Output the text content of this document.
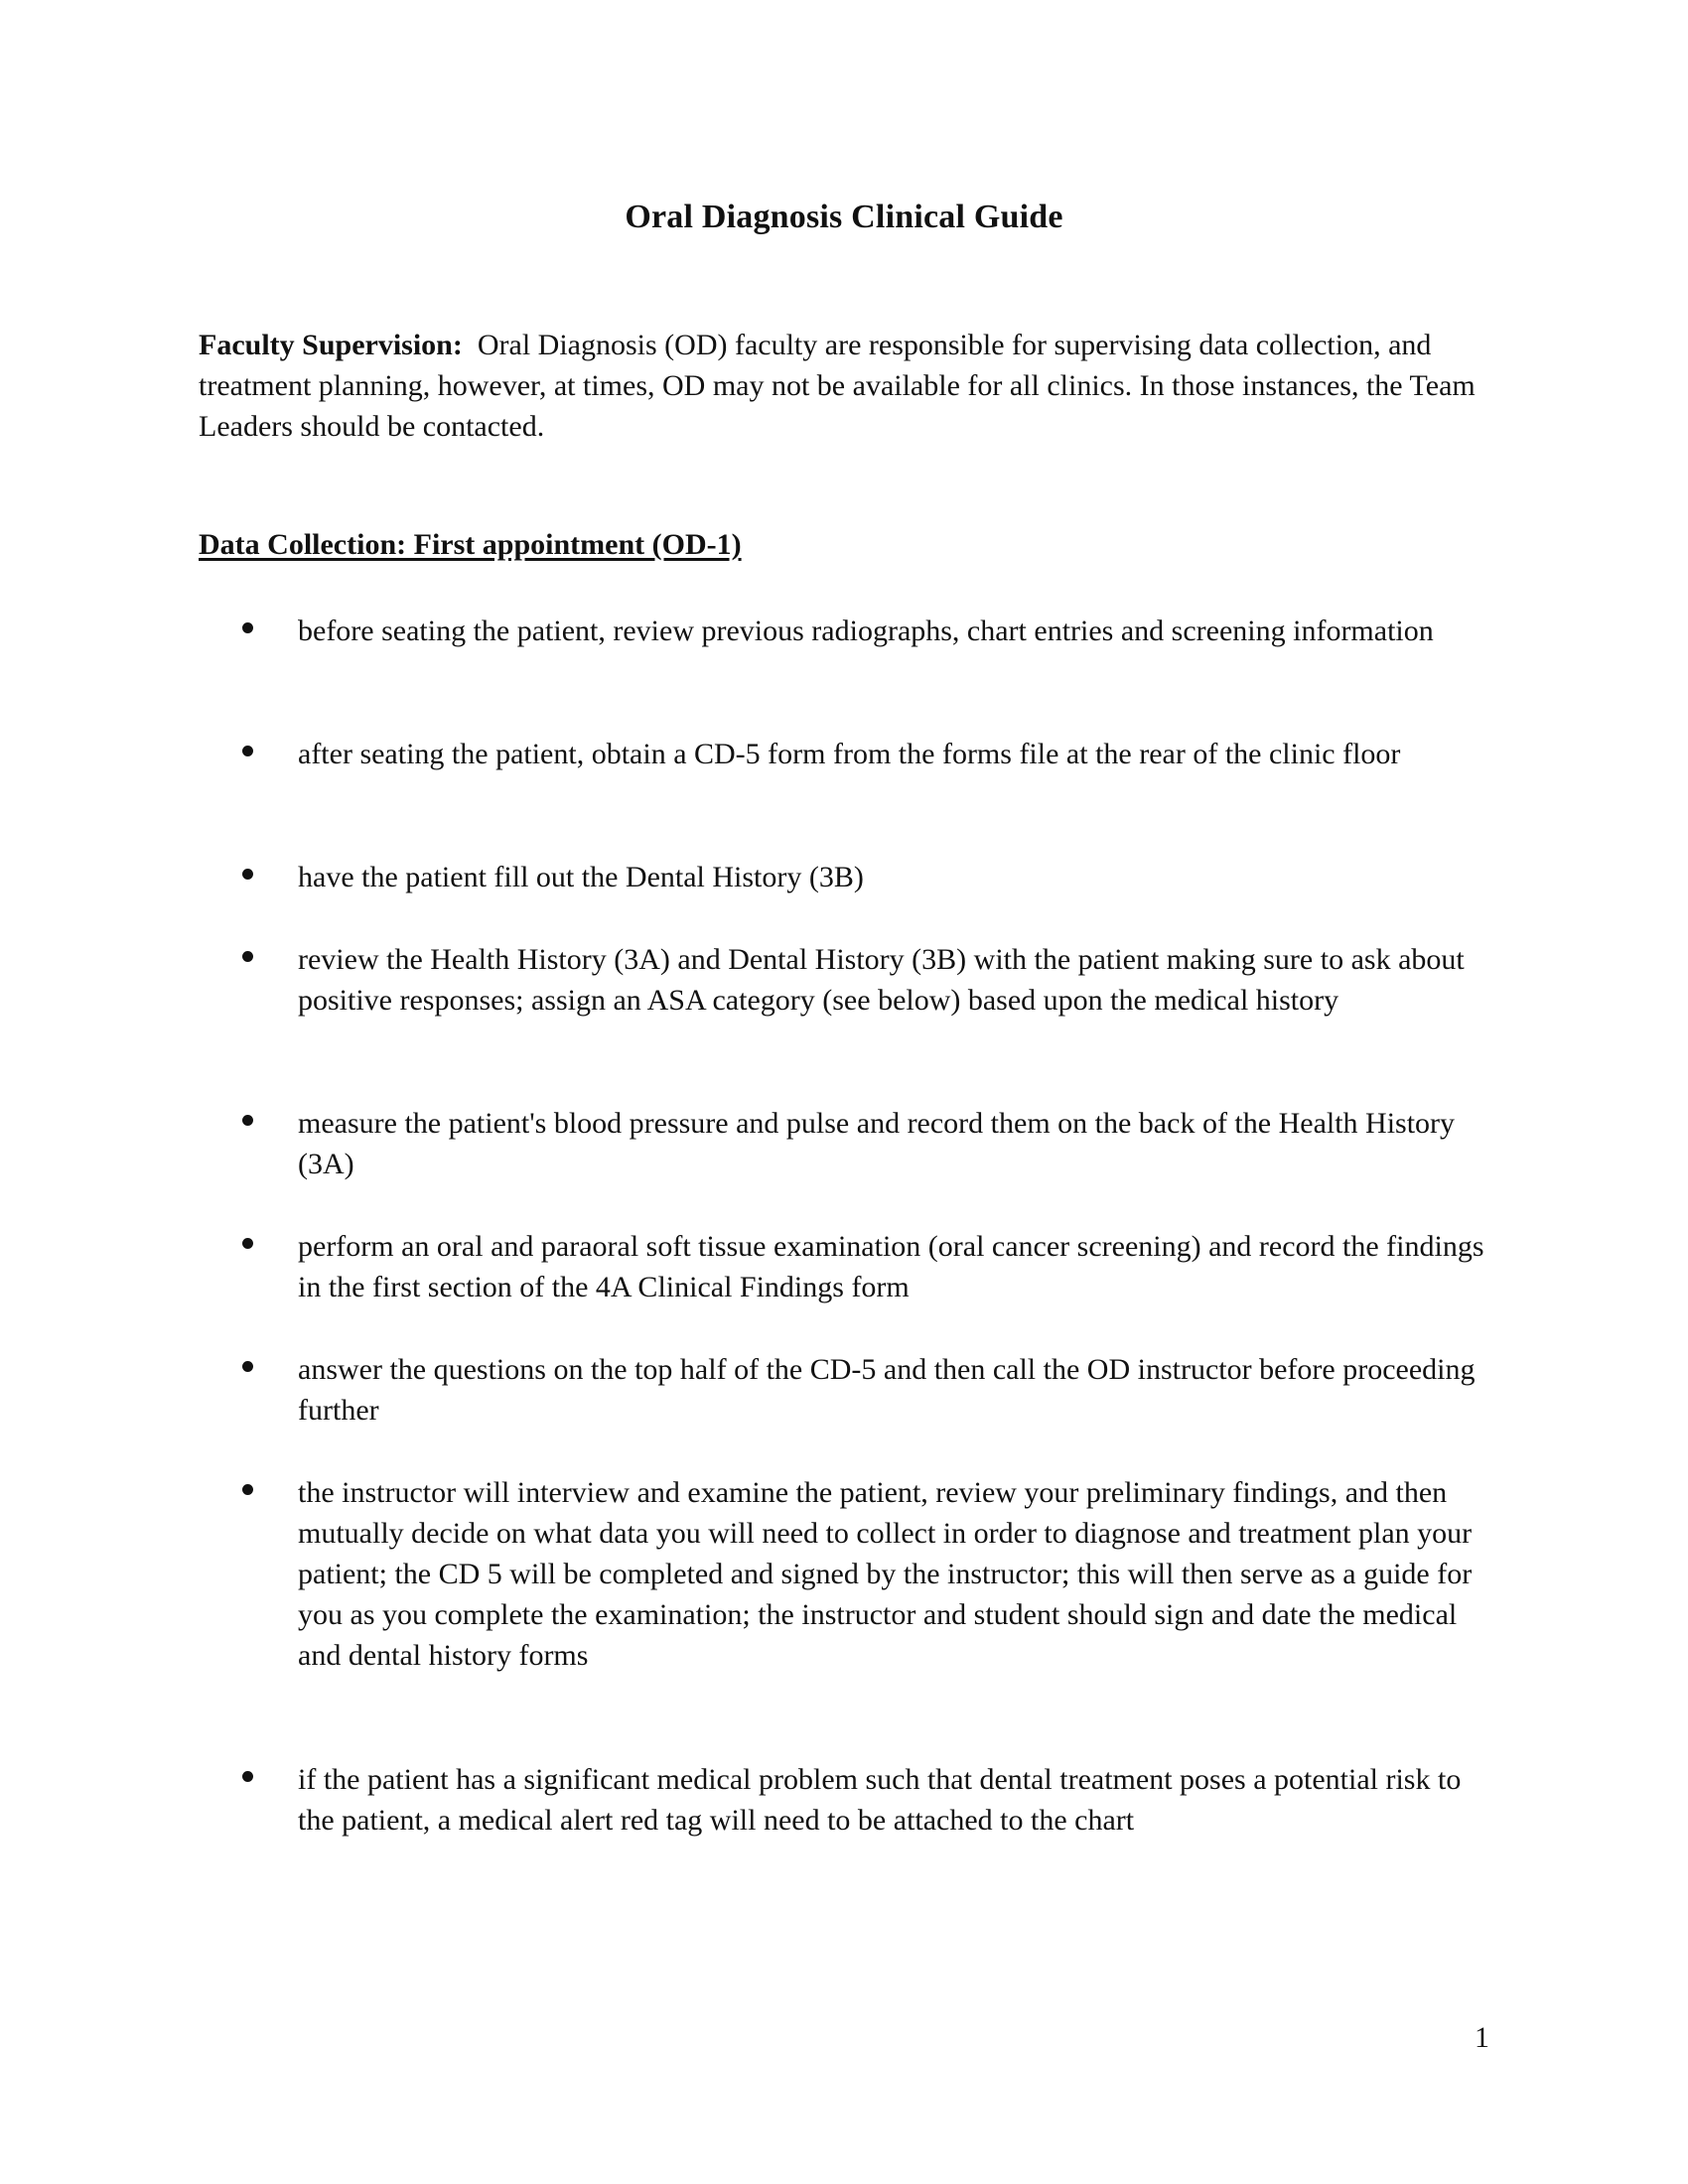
Oral Diagnosis Clinical Guide
Faculty Supervision: Oral Diagnosis (OD) faculty are responsible for supervising data collection, and treatment planning, however, at times, OD may not be available for all clinics. In those instances, the Team Leaders should be contacted.
Data Collection: First appointment (OD-1)
before seating the patient, review previous radiographs, chart entries and screening information
after seating the patient, obtain a CD-5 form from the forms file at the rear of the clinic floor
have the patient fill out the Dental History (3B)
review the Health History (3A) and Dental History (3B) with the patient making sure to ask about positive responses; assign an ASA category (see below) based upon the medical history
measure the patient's blood pressure and pulse and record them on the back of the Health History (3A)
perform an oral and paraoral soft tissue examination (oral cancer screening) and record the findings in the first section of the 4A Clinical Findings form
answer the questions on the top half of the CD-5 and then call the OD instructor before proceeding further
the instructor will interview and examine the patient, review your preliminary findings, and then mutually decide on what data you will need to collect in order to diagnose and treatment plan your patient; the CD 5 will be completed and signed by the instructor; this will then serve as a guide for you as you complete the examination; the instructor and student should sign and date the medical and dental history forms
if the patient has a significant medical problem such that dental treatment poses a potential risk to the patient, a medical alert red tag will need to be attached to the chart
1
